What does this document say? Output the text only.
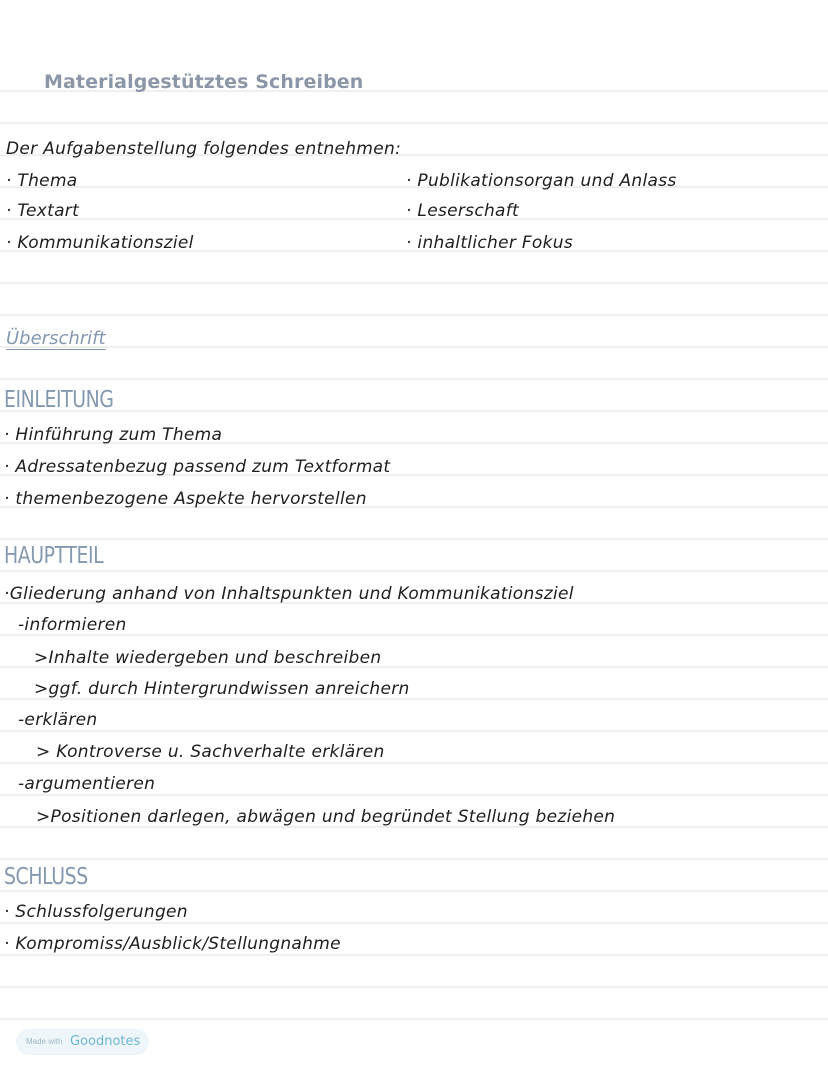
Materialgestütztes Schreiben
Der Aufgabenstellung folgendes entnehmen:
· Thema
· Textart
· Kommunikationsziel
· Publikationsorgan und Anlass
· Leserschaft
· inhaltlicher Fokus
Überschrift
EINLEITUNG
· Hinführung zum Thema
· Adressatenbezug passend zum Textformat
· themenbezogene Aspekte hervorstellen
HAUPTTEIL
·Gliederung anhand von Inhaltspunkten und Kommunikationsziel
-informieren
>Inhalte wiedergeben und beschreiben
>ggf. durch Hintergrundwissen anreichern
-erklären
> Kontroverse u. Sachverhalte erklären
-argumentieren
>Positionen darlegen, abwägen und begründet Stellung beziehen
SCHLUSS
· Schlussfolgerungen
· Kompromiss/Ausblick/Stellungnahme
Made with Goodnotes
